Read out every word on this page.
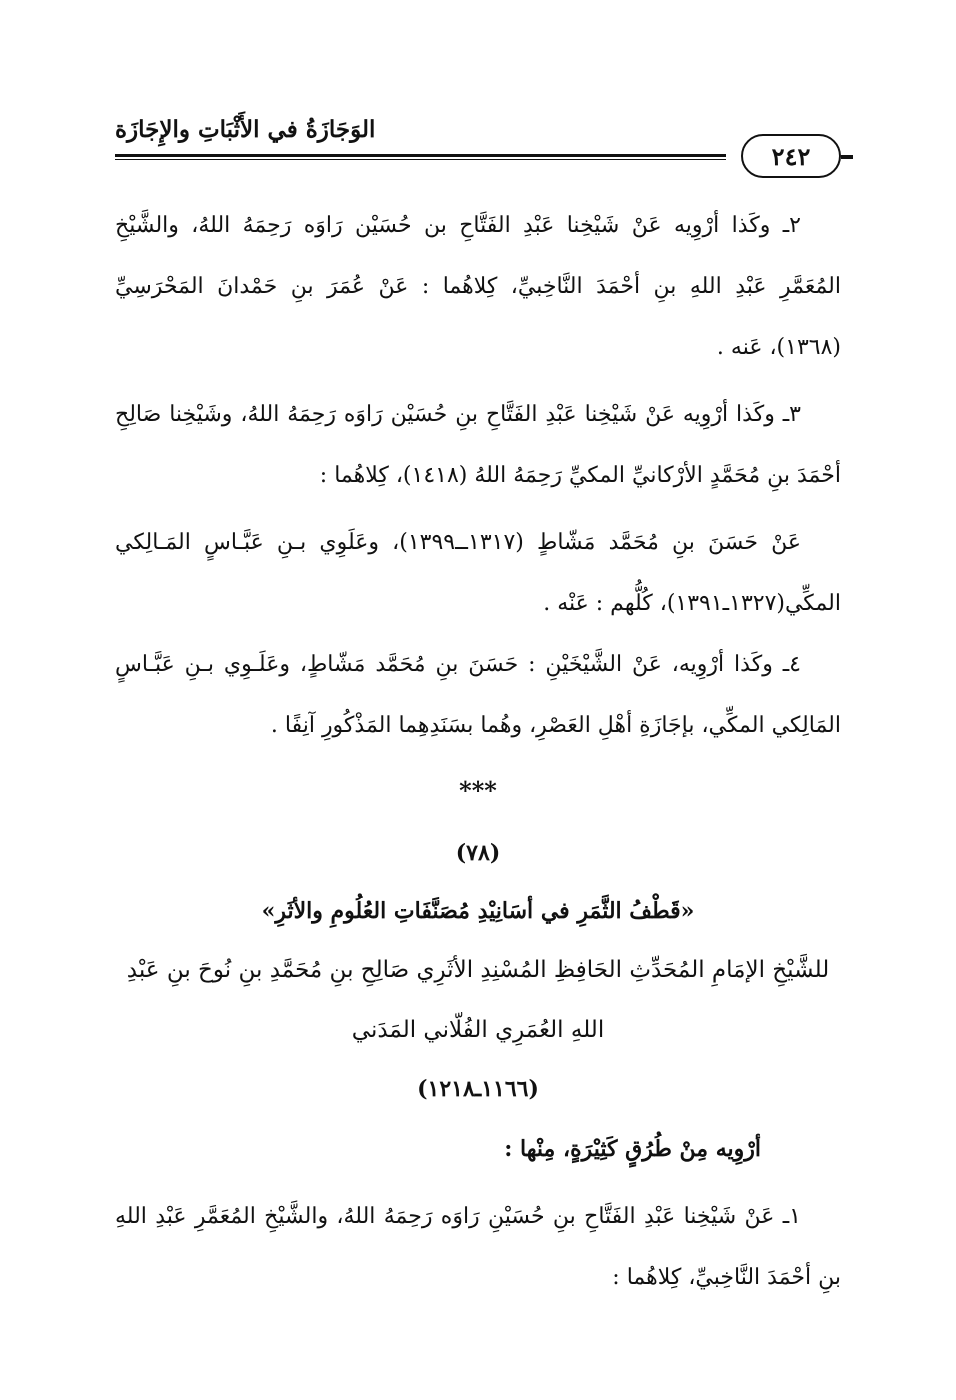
الوَجَازَةُ في الأَثْبَاتِ والإِجَازَة
٢٤٢

٢ـ وكَذا أرْوِيه عَنْ شَيْخِنا عَبْدِ الفَتَّاحِ بن حُسَيْن رَاوَه رَحِمَهُ اللهُ، والشَّيْخِ المُعَمَّرِ عَبْدِ اللهِ بنِ أحْمَدَ النَّاخِبيِّ، كِلاهُما : عَنْ عُمَرَ بنِ حَمْدانَ المَحْرَسِيِّ (١٣٦٨)، عَنه .

٣ـ وكَذا أرْوِيه عَنْ شَيْخِنا عَبْدِ الفَتَّاحِ بنِ حُسَيْن رَاوَه رَحِمَهُ اللهُ، وشَيْخِنا صَالِحِ أحْمَدَ بنِ مُحَمَّدٍ الأرْكانيِّ المكيِّ رَحِمَهُ اللهُ (١٤١٨)، كِلاهُما :

عَنْ حَسَنَ بنِ مُحَمَّد مَشّاطٍ (١٣١٧ــ١٣٩٩)، وعَلَوِي بـنِ عَبَّـاسٍ المَـالِكي المكِّي(١٣٢٧ـ١٣٩١)، كُلُّهم : عَنْه .

٤ـ وكَذا أرْوِيه، عَنْ الشَّيْخَيْنِ : حَسَنَ بنِ مُحَمَّد مَشّاطٍ، وعَلَـوِي بـنِ عَبَّـاسٍ المَالِكي المكِّي، بإجَازَةِ أهْلِ العَصْرِ، وهُما بسَنَدِهِما المَذْكُورِ آنِفًا .

***

(٧٨)

«قَطْفُ الثَّمَرِ في أسَانِيْدِ مُصَنَّفَاتِ العُلُومِ والأثَرِ»

للشَّيْخِ الإمَامِ المُحَدِّثِ الحَافِظِ المُسْنِدِ الأثَرِي صَالِحِ بنِ مُحَمَّدِ بنِ نُوحَ بنِ عَبْدِ اللهِ العُمَرِي الفُلّاني المَدَني

(١١٦٦ـ١٢١٨)

أرْوِيه مِنْ طُرُقٍ كَثِيْرَةٍ، مِنْها :

١ـ عَنْ شَيْخِنا عَبْدِ الفَتَّاحِ بنِ حُسَيْنِ رَاوَه رَحِمَهُ اللهُ، والشَّيْخِ المُعَمَّرِ عَبْدِ اللهِ بنِ أحْمَدَ النَّاخِبيِّ، كِلاهُما :
